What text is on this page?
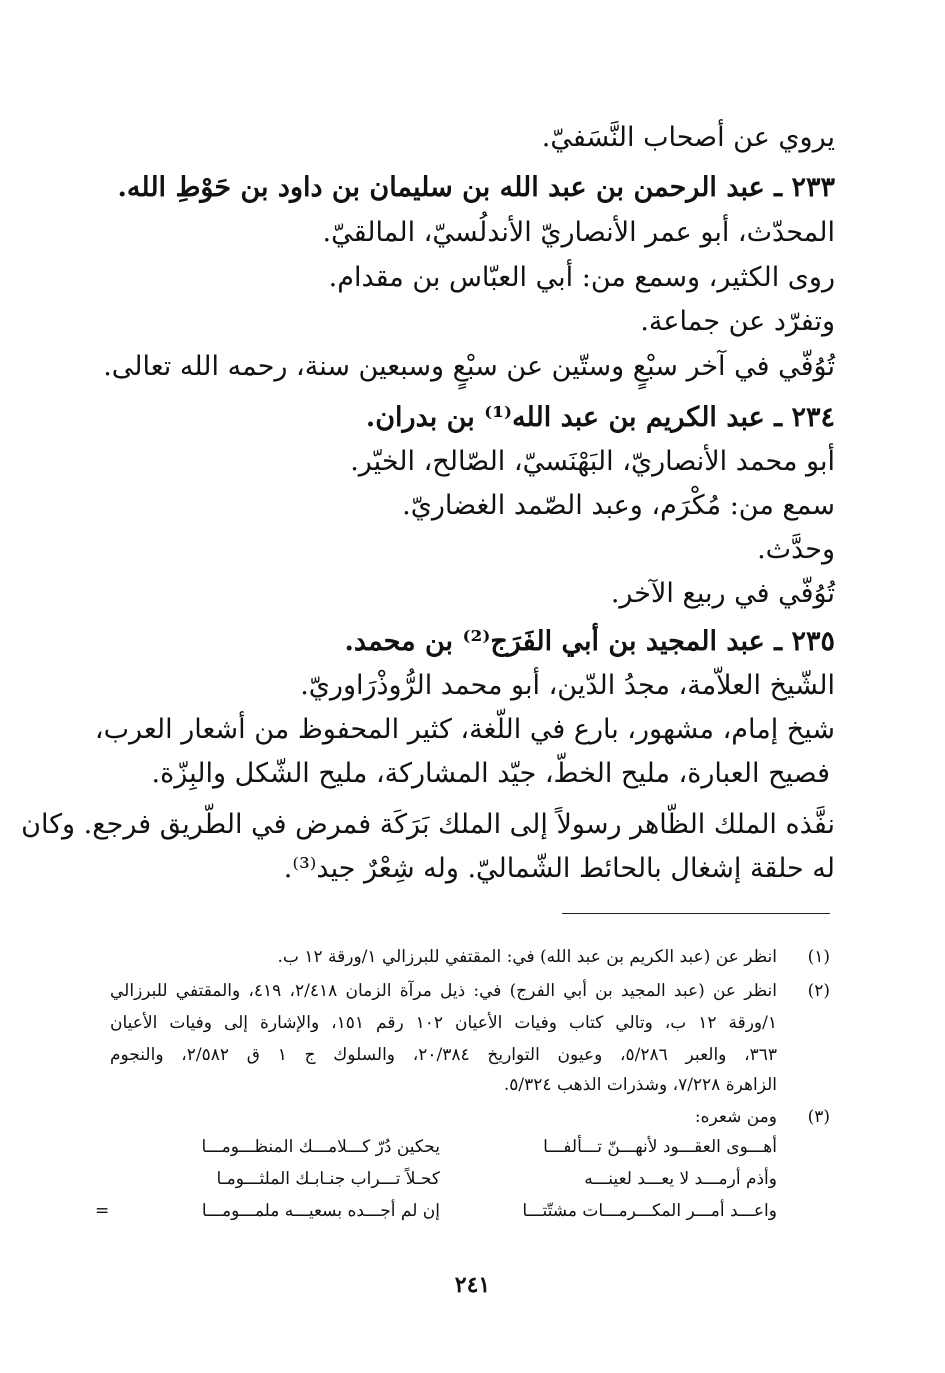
يروي عن أصحاب النَّسَفيّ.
٢٣٣ ـ عبد الرحمن بن عبد الله بن سليمان بن داود بن حَوْطِ الله.
المحدّث، أبو عمر الأنصاريّ الأندلُسيّ، المالقيّ.
روى الكثير، وسمع من: أبي العبّاس بن مقدام.
وتفرّد عن جماعة.
تُوُفّي في آخر سبْعٍ وستّين عن سبْعٍ وسبعين سنة، رحمه الله تعالى.
٢٣٤ ـ عبد الكريم بن عبد الله⁽¹⁾ بن بدران.
أبو محمد الأنصاريّ، البَهْنَسيّ، الصّالح، الخيّر.
سمع من: مُكْرَم، وعبد الصّمد الغضاريّ.
وحدَّث.
تُوُفّي في ربيع الآخر.
٢٣٥ ـ عبد المجيد بن أبي الفَرَج⁽²⁾ بن محمد.
الشّيخ العلاّمة، مجدُ الدّين، أبو محمد الرُّوذْرَاوريّ.
شيخ إمام، مشهور، بارع في اللّغة، كثير المحفوظ من أشعار العرب،
فصيح العبارة، مليح الخطّ، جيّد المشاركة، مليح الشّكل والبِزّة.
نفَّذه الملك الظّاهر رسولاً إلى الملك بَرَكَة فمرض في الطّريق فرجع. وكان
له حلقة إشغال بالحائط الشّماليّ. وله شِعْرٌ جيد⁽³⁾.
(١)
انظر عن (عبد الكريم بن عبد الله) في: المقتفي للبرزالي ١/ورقة ١٢ ب.
(٢)
انظر عن (عبد المجيد بن أبي الفرج) في: ذيل مرآة الزمان ٢/٤١٨، ٤١٩، والمقتفي للبرزالي
١/ورقة ١٢ ب، وتالي كتاب وفيات الأعيان ١٠٢ رقم ١٥١، والإشارة إلى وفيات الأعيان
٣٦٣، والعبر ٥/٢٨٦، وعيون التواريخ ٢٠/٣٨٤، والسلوك ج ١ ق ٢/٥٨٢، والنجوم
الزاهرة ٧/٢٢٨، وشذرات الذهب ٥/٣٢٤.
(٣)
ومن شعره:
أهـــوى العقـــود لأنهـــنّ تـــألفـــا
يحكين دُرّ كـــلامـــك المنظـــومـــا
وأذم أرمـــد لا يعـــد لعينـــه
كحـلاً تـــراب جنـابـك الملثـــومـا
واعـــد أمـــر المكـــرمـــات مشتّتـــا
إن لم أجـــده بسعيـــه ملمـــومـــا
=
٢٤١
